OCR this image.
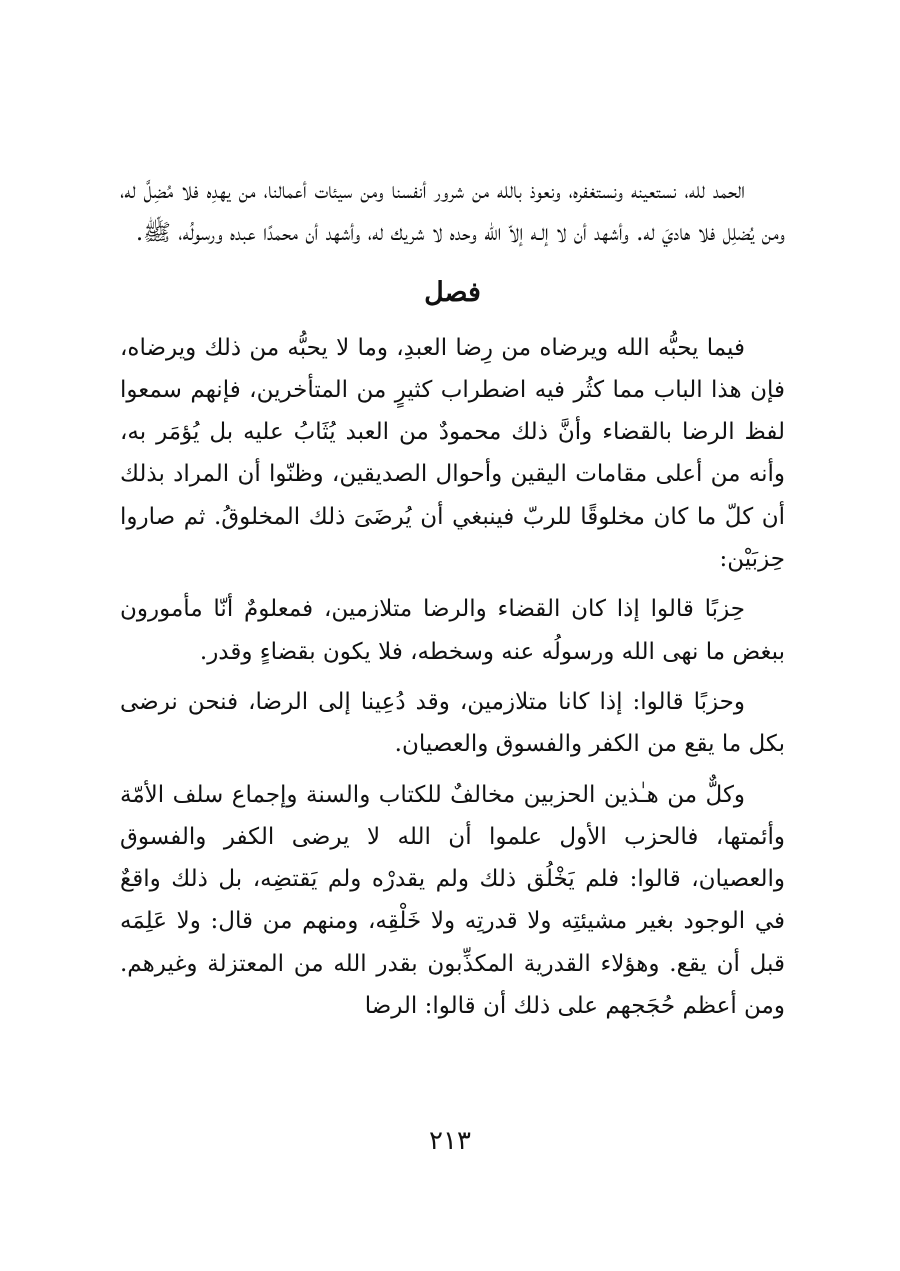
الحمد لله، نستعينه ونستغفره، ونعوذ بالله من شرور أنفسنا ومن سيئات أعمالنا، من يهدِه فلا مُضِلَّ له، ومن يُضلِل فلا هاديَ له. وأشهد أن لا إلـه إلاّ الله وحده لا شريك له، وأشهد أن محمدًا عبده ورسولُه، ﷺ.

فصل

فيما يحبُّه الله ويرضاه من رِضا العبدِ، وما لا يحبُّه من ذلك ويرضاه، فإن هذا الباب مما كثُر فيه اضطراب كثيرٍ من المتأخرين، فإنهم سمعوا لفظ الرضا بالقضاء وأنَّ ذلك محمودٌ من العبد يُثَابُ عليه بل يُؤمَر به، وأنه من أعلى مقامات اليقين وأحوال الصديقين، وظنّوا أن المراد بذلك أن كلّ ما كان مخلوقًا للربّ فينبغي أن يُرضَىَ ذلك المخلوقُ. ثم صاروا حِزبَيْن:

حِزبًا قالوا إذا كان القضاء والرضا متلازمين، فمعلومٌ أنّا مأمورون ببغض ما نهى الله ورسولُه عنه وسخطه، فلا يكون بقضاءٍ وقدر.

وحزبًا قالوا: إذا كانا متلازمين، وقد دُعِينا إلى الرضا، فنحن نرضى بكل ما يقع من الكفر والفسوق والعصيان.

وكلٌّ من هـٰذين الحزبين مخالفٌ للكتاب والسنة وإجماع سلف الأمّة وأئمتها، فالحزب الأول علموا أن الله لا يرضى الكفر والفسوق والعصيان، قالوا: فلم يَخْلُق ذلك ولم يقدرْه ولم يَقتضِه، بل ذلك واقعٌ في الوجود بغير مشيئتِه ولا قدرتِه ولا خَلْقِه، ومنهم من قال: ولا عَلِمَه قبل أن يقع. وهؤلاء القدرية المكذِّبون بقدر الله من المعتزلة وغيرهم. ومن أعظم حُجَجهم على ذلك أن قالوا: الرضا

٢١٣
